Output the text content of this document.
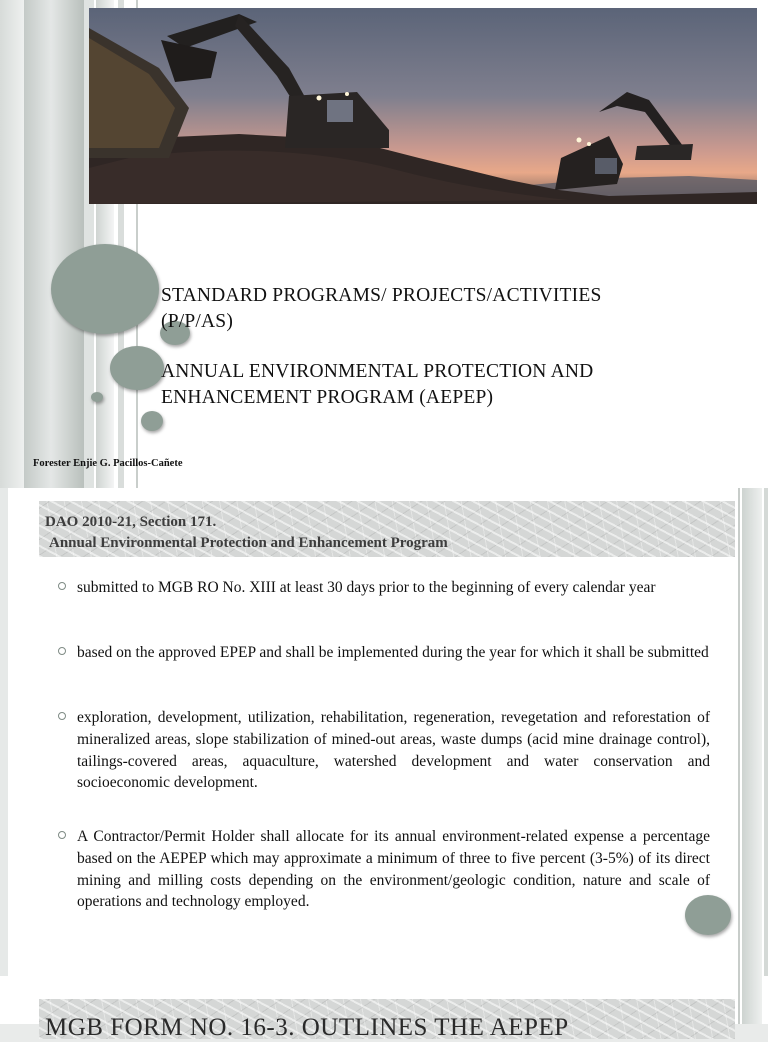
STANDARD PROGRAMS/ PROJECTS/ACTIVITIES
(P/P/AS)
ANNUAL ENVIRONMENTAL PROTECTION AND
ENHANCEMENT PROGRAM (AEPEP)
Forester Enjie G. Pacillos-Cañete
DAO 2010-21, Section 171.
Annual Environmental Protection and Enhancement Program
submitted to MGB RO No. XIII at least 30 days prior to the beginning of every calendar year
based on the approved EPEP and shall be implemented during the year for which it shall be submitted
exploration, development, utilization, rehabilitation, regeneration, revegetation and reforestation of mineralized areas, slope stabilization of mined-out areas, waste dumps (acid mine drainage control), tailings-covered areas, aquaculture, watershed development and water conservation and socioeconomic development.
A Contractor/Permit Holder shall allocate for its annual environment-related expense a percentage based on the AEPEP which may approximate a minimum of three to five percent (3-5%) of its direct mining and milling costs depending on the environment/geologic condition, nature and scale of operations and technology employed.
MGB FORM NO. 16-3. OUTLINES THE AEPEP
